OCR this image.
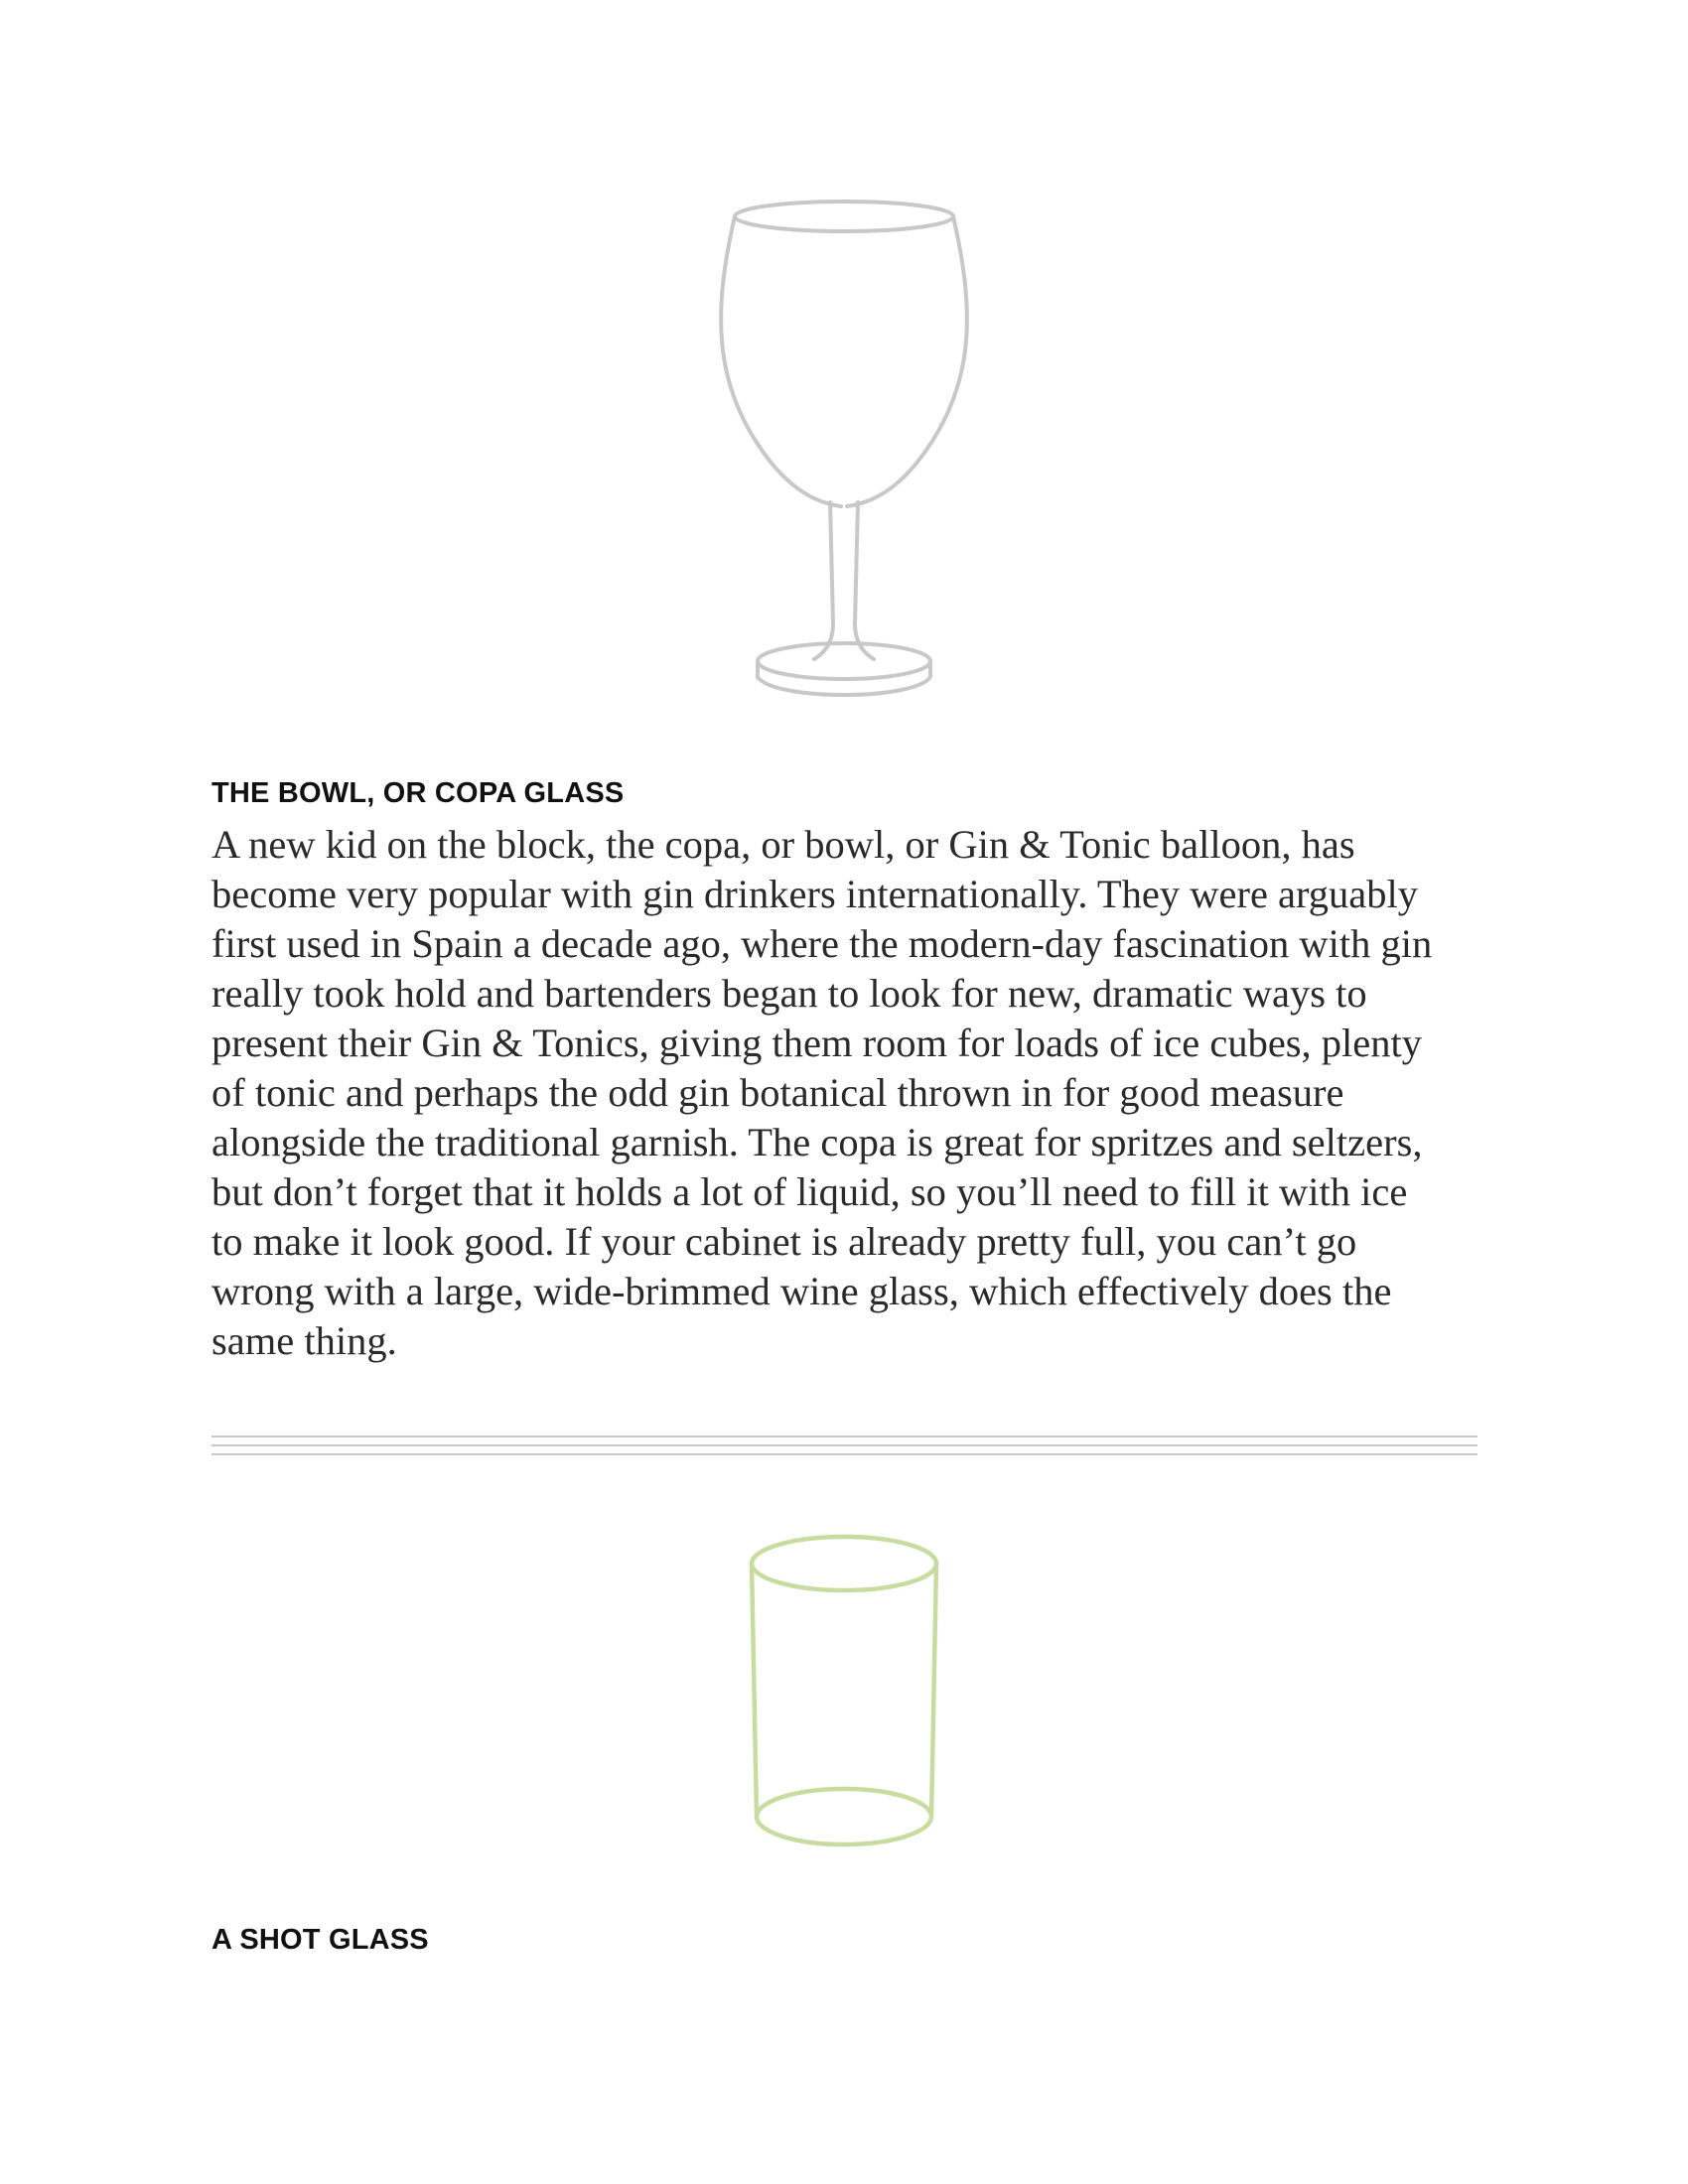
THE BOWL, OR COPA GLASS

A new kid on the block, the copa, or bowl, or Gin & Tonic balloon, has
become very popular with gin drinkers internationally. They were arguably
first used in Spain a decade ago, where the modern-day fascination with gin
really took hold and bartenders began to look for new, dramatic ways to
present their Gin & Tonics, giving them room for loads of ice cubes, plenty
of tonic and perhaps the odd gin botanical thrown in for good measure
alongside the traditional garnish. The copa is great for spritzes and seltzers,
but don’t forget that it holds a lot of liquid, so you’ll need to fill it with ice
to make it look good. If your cabinet is already pretty full, you can’t go
wrong with a large, wide-brimmed wine glass, which effectively does the
same thing.

A SHOT GLASS
